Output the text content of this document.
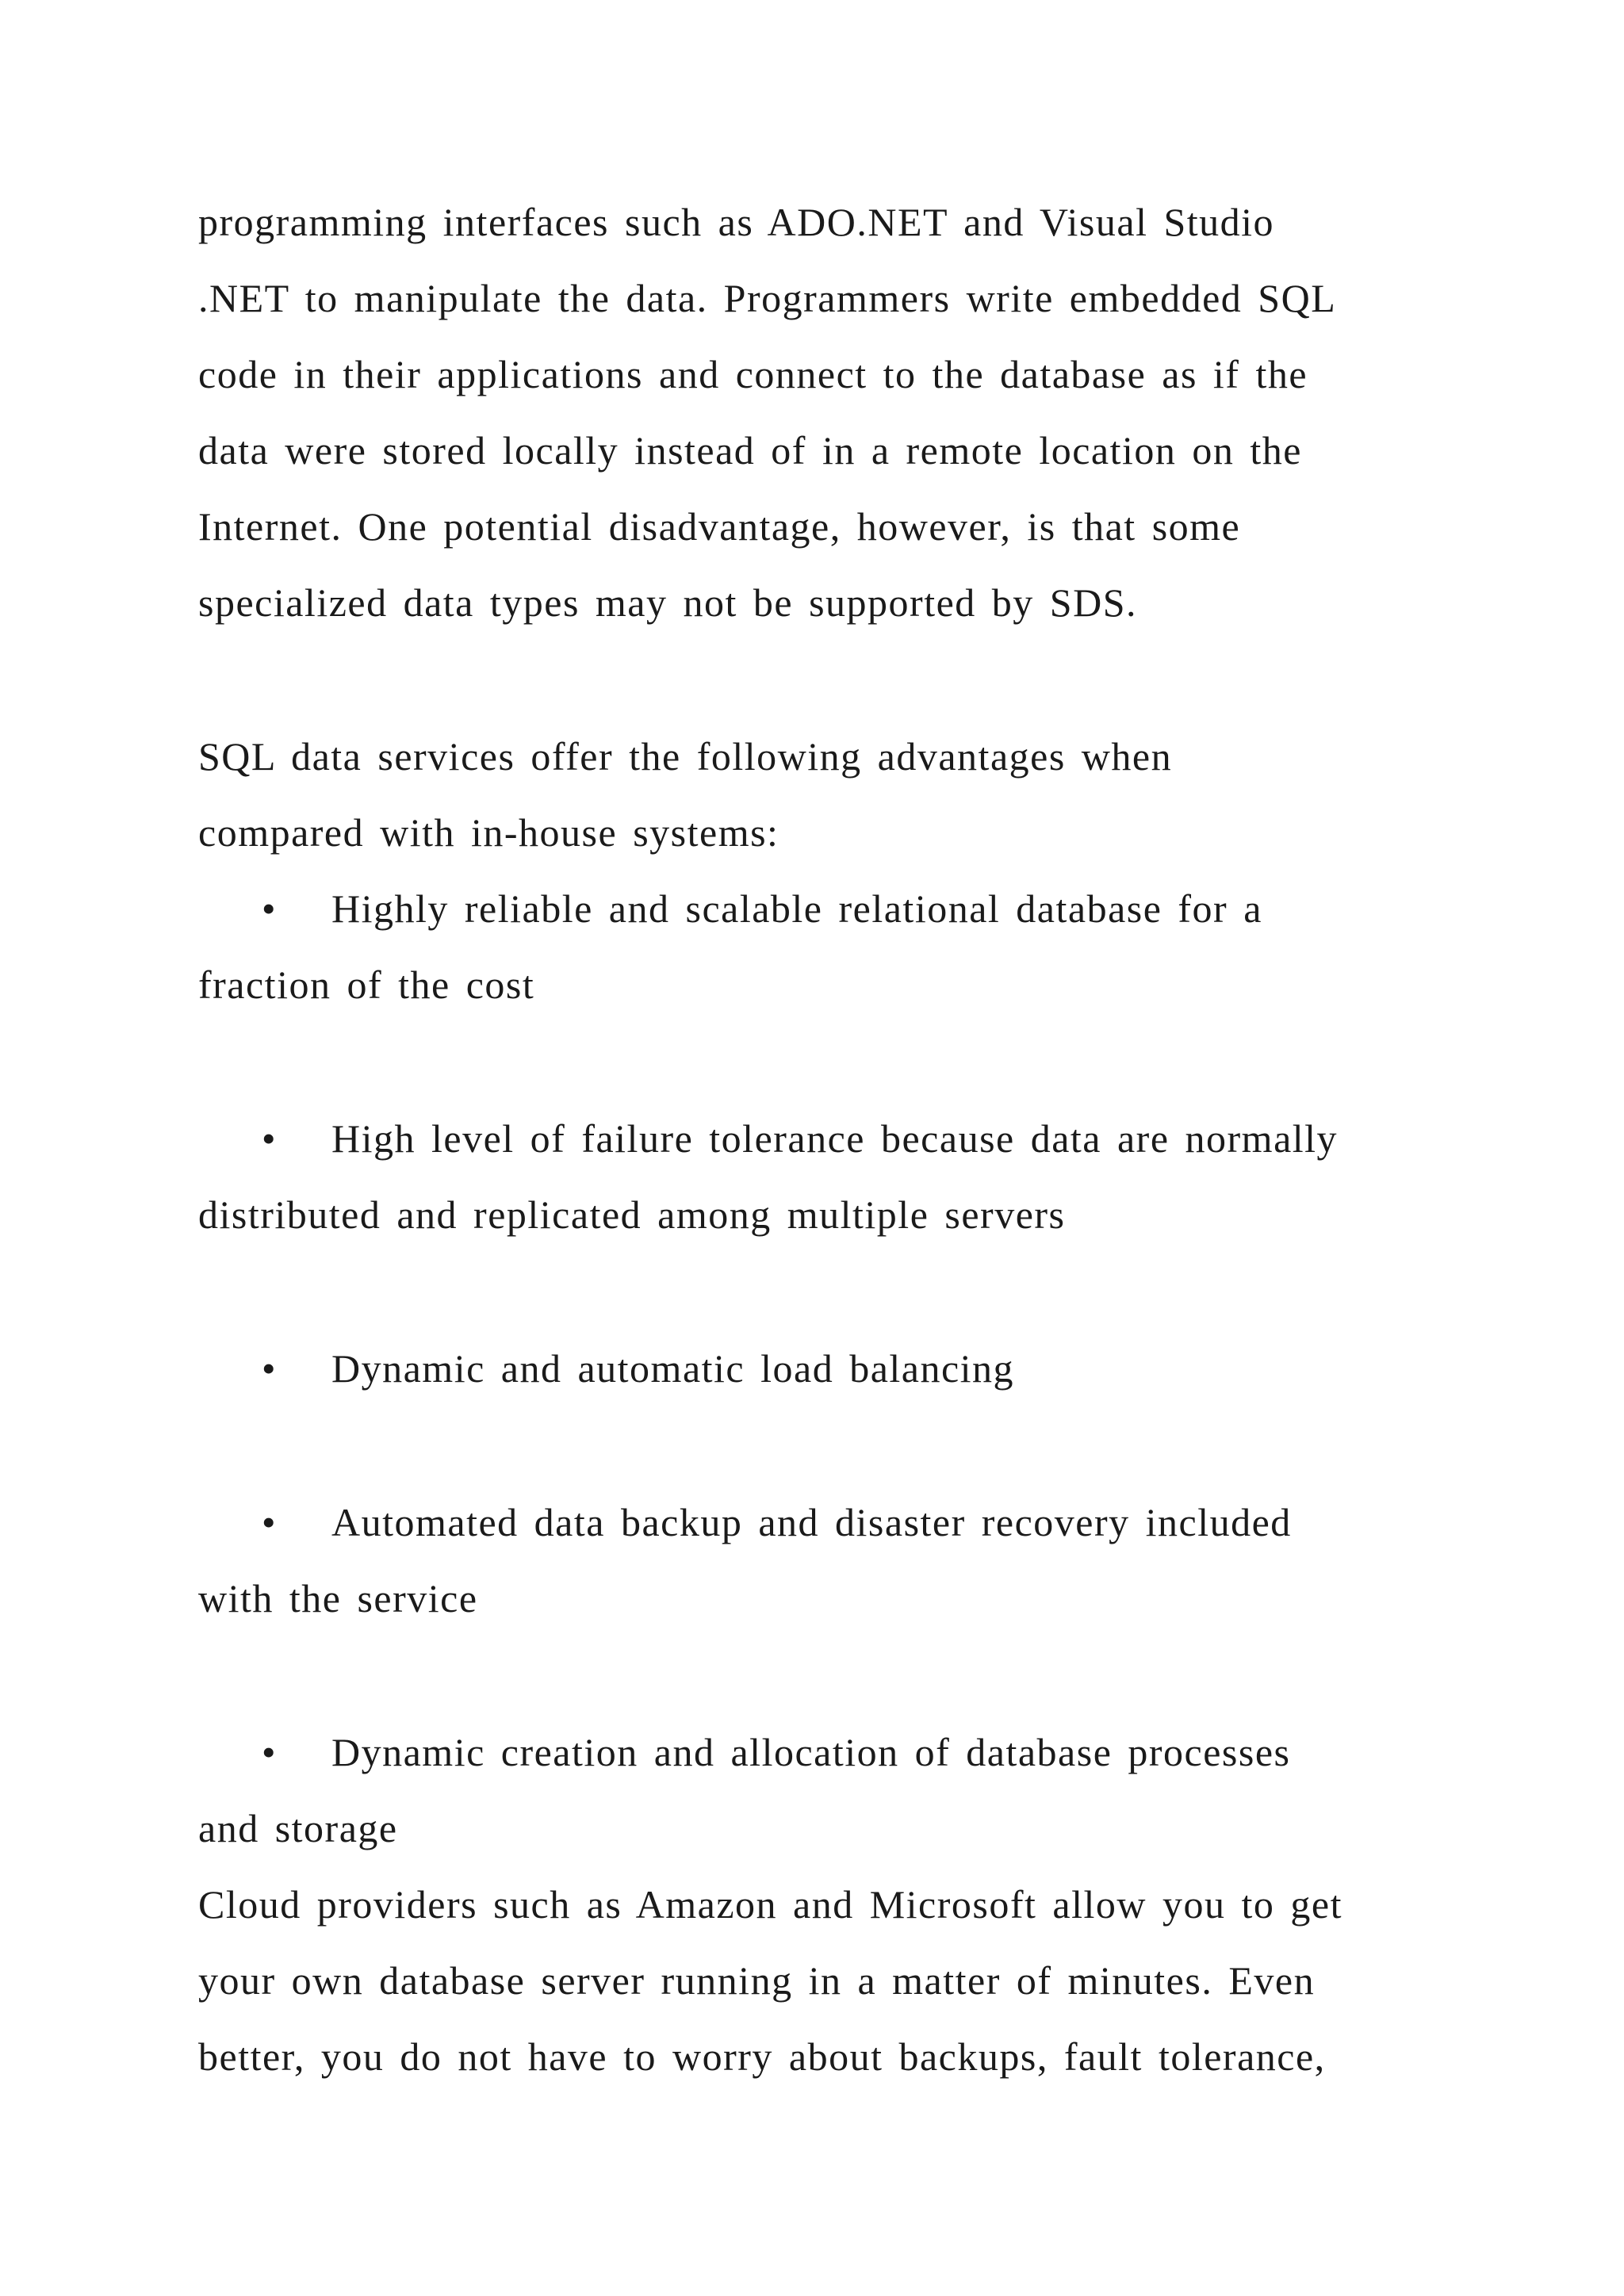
programming interfaces such as ADO.NET and Visual Studio
.NET to manipulate the data. Programmers write embedded SQL
code in their applications and connect to the database as if the
data were stored locally instead of in a remote location on the
Internet. One potential disadvantage, however, is that some
specialized data types may not be supported by SDS.
SQL data services offer the following advantages when
compared with in-house systems:
• Highly reliable and scalable relational database for a
fraction of the cost
• High level of failure tolerance because data are normally
distributed and replicated among multiple servers
• Dynamic and automatic load balancing
• Automated data backup and disaster recovery included
with the service
• Dynamic creation and allocation of database processes
and storage
Cloud providers such as Amazon and Microsoft allow you to get
your own database server running in a matter of minutes. Even
better, you do not have to worry about backups, fault tolerance,
